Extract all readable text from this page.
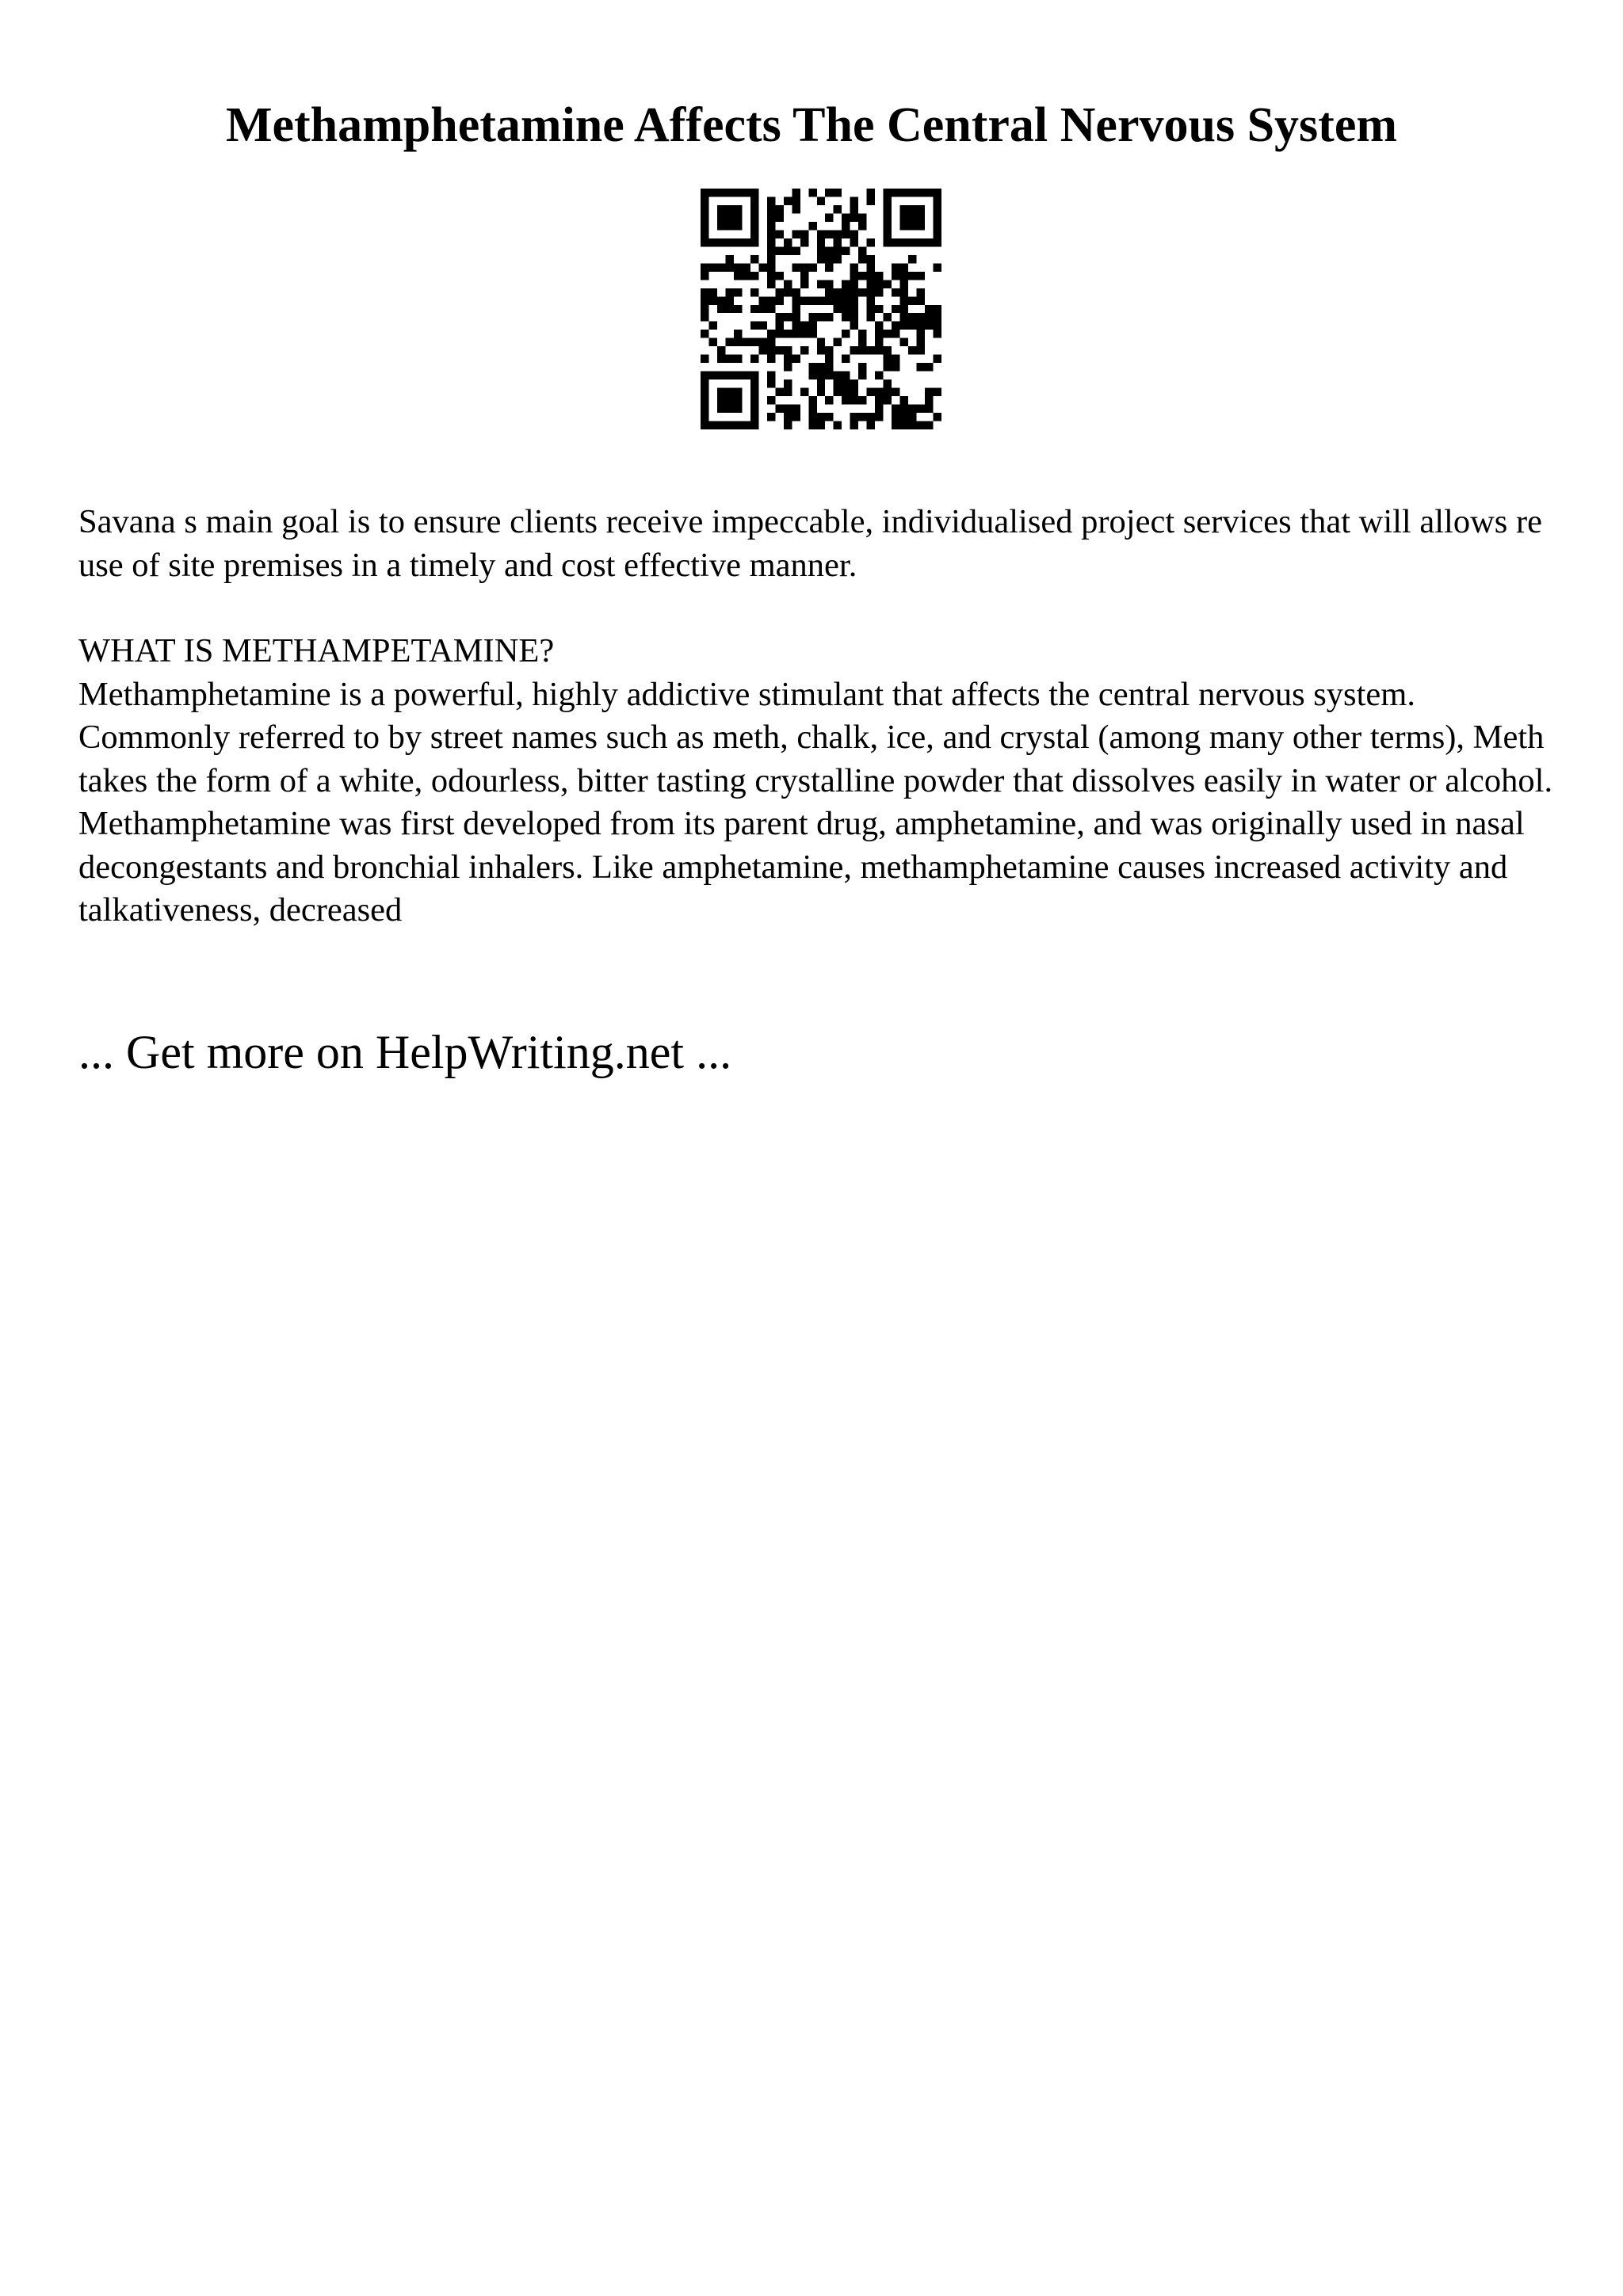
Methamphetamine Affects The Central Nervous System

Savana s main goal is to ensure clients receive impeccable, individualised project services that will allows re use of site premises in a timely and cost effective manner.

WHAT IS METHAMPETAMINE?
Methamphetamine is a powerful, highly addictive stimulant that affects the central nervous system. Commonly referred to by street names such as meth, chalk, ice, and crystal (among many other terms), Meth takes the form of a white, odourless, bitter tasting crystalline powder that dissolves easily in water or alcohol.
Methamphetamine was first developed from its parent drug, amphetamine, and was originally used in nasal decongestants and bronchial inhalers. Like amphetamine, methamphetamine causes increased activity and talkativeness, decreased

... Get more on HelpWriting.net ...
